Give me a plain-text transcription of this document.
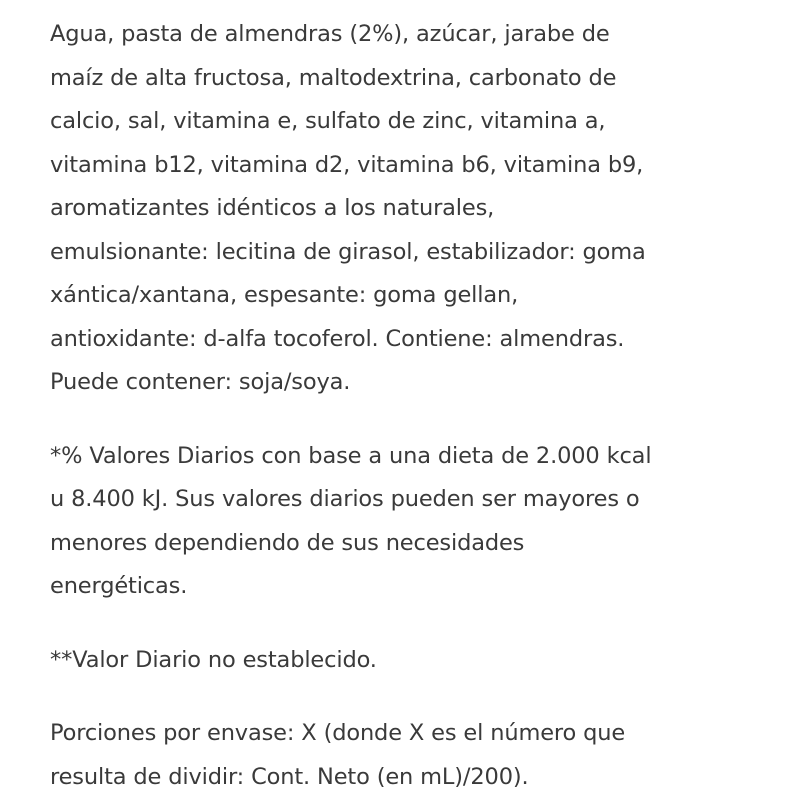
Agua, pasta de almendras (2%), azúcar, jarabe de
maíz de alta fructosa, maltodextrina, carbonato de
calcio, sal, vitamina e, sulfato de zinc, vitamina a,
vitamina b12, vitamina d2, vitamina b6, vitamina b9,
aromatizantes idénticos a los naturales,
emulsionante: lecitina de girasol, estabilizador: goma
xántica/xantana, espesante: goma gellan,
antioxidante: d-alfa tocoferol. Contiene: almendras.
Puede contener: soja/soya.
*% Valores Diarios con base a una dieta de 2.000 kcal
u 8.400 kJ. Sus valores diarios pueden ser mayores o
menores dependiendo de sus necesidades
energéticas.
**Valor Diario no establecido.
Porciones por envase: X (donde X es el número que
resulta de dividir: Cont. Neto (en mL)/200).
